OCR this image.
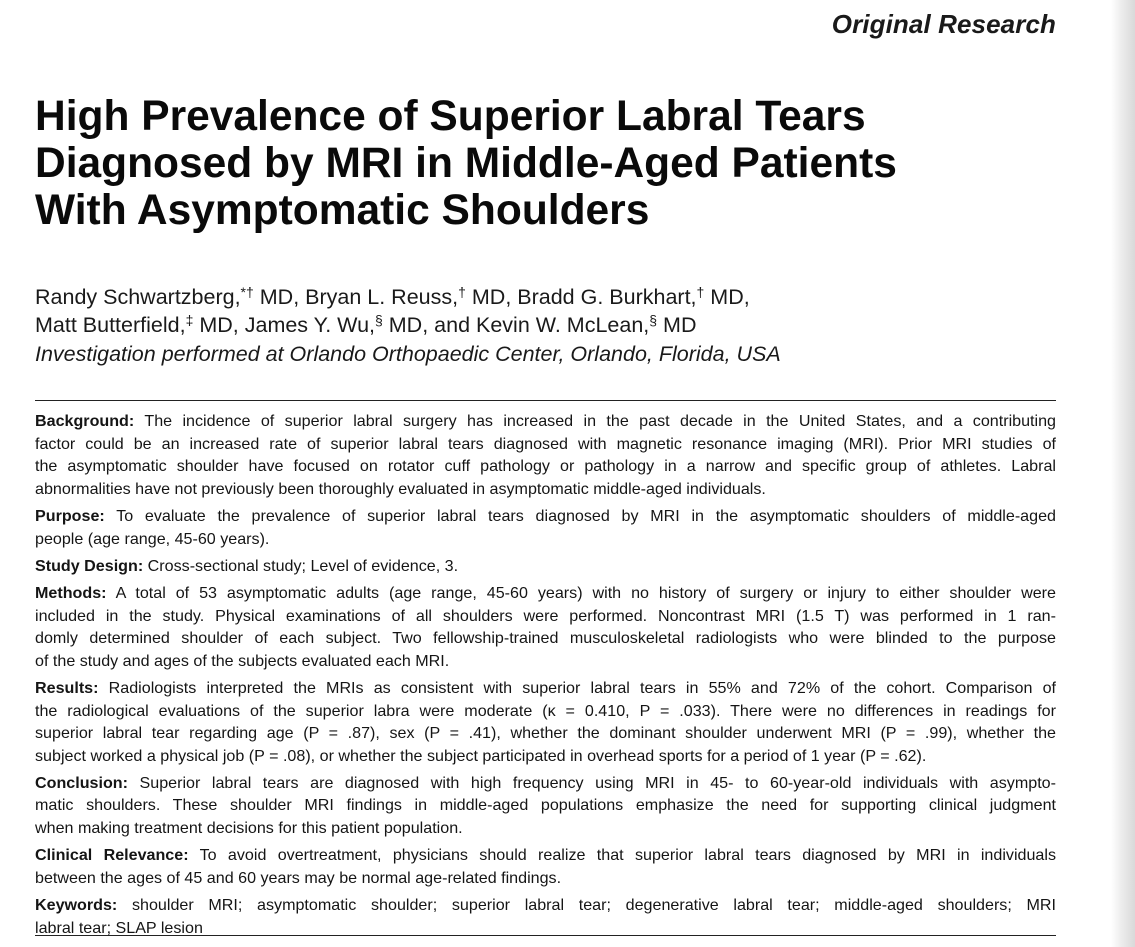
Original Research
High Prevalence of Superior Labral Tears
Diagnosed by MRI in Middle-Aged Patients
With Asymptomatic Shoulders
Randy Schwartzberg,*† MD, Bryan L. Reuss,† MD, Bradd G. Burkhart,† MD,
Matt Butterfield,‡ MD, James Y. Wu,§ MD, and Kevin W. McLean,§ MD
Investigation performed at Orlando Orthopaedic Center, Orlando, Florida, USA

Background: The incidence of superior labral surgery has increased in the past decade in the United States, and a contributing
factor could be an increased rate of superior labral tears diagnosed with magnetic resonance imaging (MRI). Prior MRI studies of
the asymptomatic shoulder have focused on rotator cuff pathology or pathology in a narrow and specific group of athletes. Labral
abnormalities have not previously been thoroughly evaluated in asymptomatic middle-aged individuals.

Purpose: To evaluate the prevalence of superior labral tears diagnosed by MRI in the asymptomatic shoulders of middle-aged
people (age range, 45-60 years).

Study Design: Cross-sectional study; Level of evidence, 3.

Methods: A total of 53 asymptomatic adults (age range, 45-60 years) with no history of surgery or injury to either shoulder were
included in the study. Physical examinations of all shoulders were performed. Noncontrast MRI (1.5 T) was performed in 1 ran-
domly determined shoulder of each subject. Two fellowship-trained musculoskeletal radiologists who were blinded to the purpose
of the study and ages of the subjects evaluated each MRI.

Results: Radiologists interpreted the MRIs as consistent with superior labral tears in 55% and 72% of the cohort. Comparison of
the radiological evaluations of the superior labra were moderate (κ = 0.410, P = .033). There were no differences in readings for
superior labral tear regarding age (P = .87), sex (P = .41), whether the dominant shoulder underwent MRI (P = .99), whether the
subject worked a physical job (P = .08), or whether the subject participated in overhead sports for a period of 1 year (P = .62).

Conclusion: Superior labral tears are diagnosed with high frequency using MRI in 45- to 60-year-old individuals with asympto-
matic shoulders. These shoulder MRI findings in middle-aged populations emphasize the need for supporting clinical judgment
when making treatment decisions for this patient population.

Clinical Relevance: To avoid overtreatment, physicians should realize that superior labral tears diagnosed by MRI in individuals
between the ages of 45 and 60 years may be normal age-related findings.

Keywords: shoulder MRI; asymptomatic shoulder; superior labral tear; degenerative labral tear; middle-aged shoulders; MRI
labral tear; SLAP lesion
